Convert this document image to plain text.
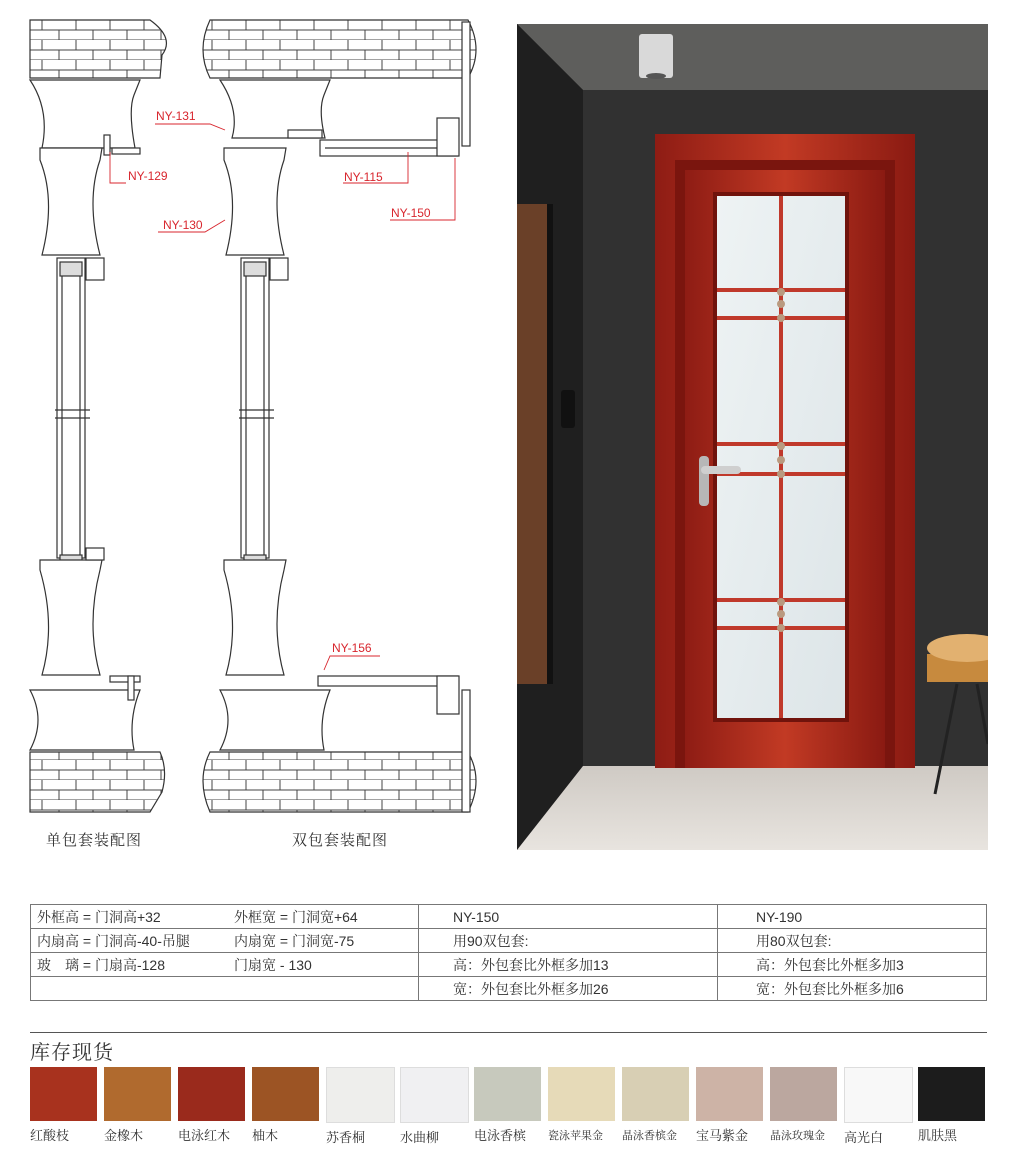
NY-131
NY-129
NY-130
NY-115
NY-150
NY-156
单包套装配图	双包套装配图
外框高 = 门洞高+32 外框宽 = 门洞宽+64	NY-150	NY-190

内扇高 = 门洞高-40-吊腿 内扇宽 = 门洞宽-75	用90双包套:	用80双包套:

玻　璃 = 门扇高-128 门扇宽 - 130	高：外包套比外框多加13	高：外包套比外框多加3

	宽：外包套比外框多加26	宽：外包套比外框多加6
库存现货
红酸枝	金橡木	电泳红木	柚木	苏香桐	水曲柳	电泳香槟	瓷泳苹果金	晶泳香槟金	宝马紫金	晶泳玫瑰金	高光白	肌肤黑
